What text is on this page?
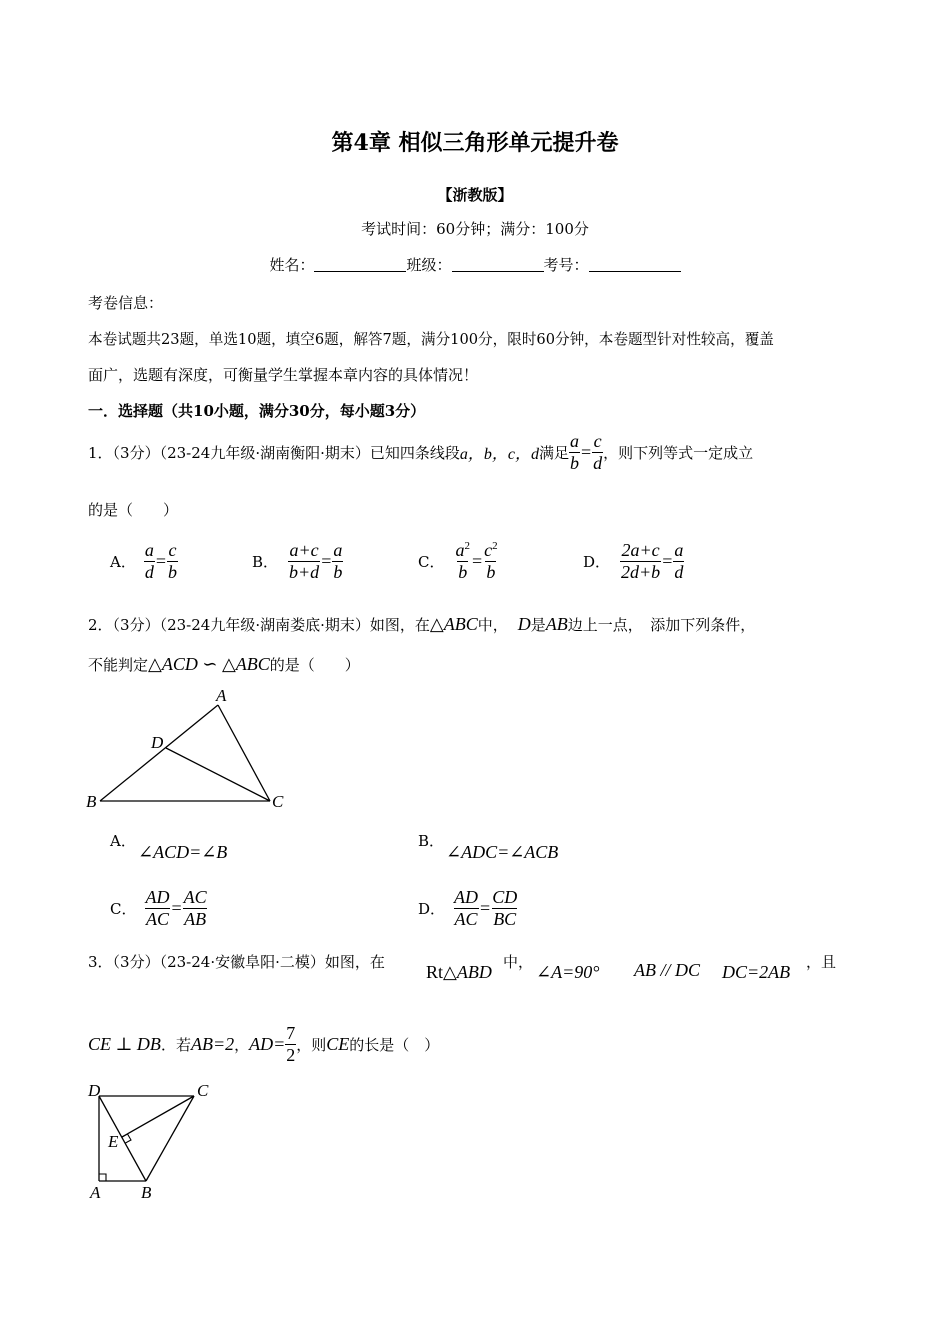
第4章 相似三角形单元提升卷
【浙教版】
考试时间：60分钟；满分：100分
姓名：	班级：	考号：
考卷信息：
本卷试题共23题，单选10题，填空6题，解答7题，满分100分，限时60分钟，本卷题型针对性较高，覆盖
面广，选题有深度，可衡量学生掌握本章内容的具体情况！
一．选择题（共10小题，满分30分，每小题3分）
1．（3分）（23-24九年级·湖南衡阳·期末）已知四条线段 a，b，c，d 满足 $\frac{a}{b} = \frac{c}{d}$ ，则下列等式一定成立
的是（　　）
A． $\frac{a}{d} = \frac{c}{b}$	B． $\frac{a+c}{b+d} = \frac{a}{b}$	C． $\frac{a^2}{b} = \frac{c^2}{b}$	D． $\frac{2a+c}{2d+b} = \frac{a}{d}$
2．（3分）（23-24九年级·湖南娄底·期末）如图，在 △ABC 中， D 是 AB 边上一点，　添加下列条件，
不能判定 △ACD ∽ △ABC 的是（　　）
A
D
B	C
A．
∠ACD=∠B
B．
∠ADC=∠ACB
C． $\frac{AD}{AC} = \frac{AC}{AB}$	D． $\frac{AD}{AC} = \frac{CD}{BC}$
3．（3分）（23-24·安徽阜阳·二模）如图，在 Rt△ABD 中， ∠A=90° AB // DC DC=2AB ，且
CE ⊥ DB ．若 AB=2 ， $AD= \frac{7}{2}$ ，则 CE 的长是（　）
D	C
E
A B
